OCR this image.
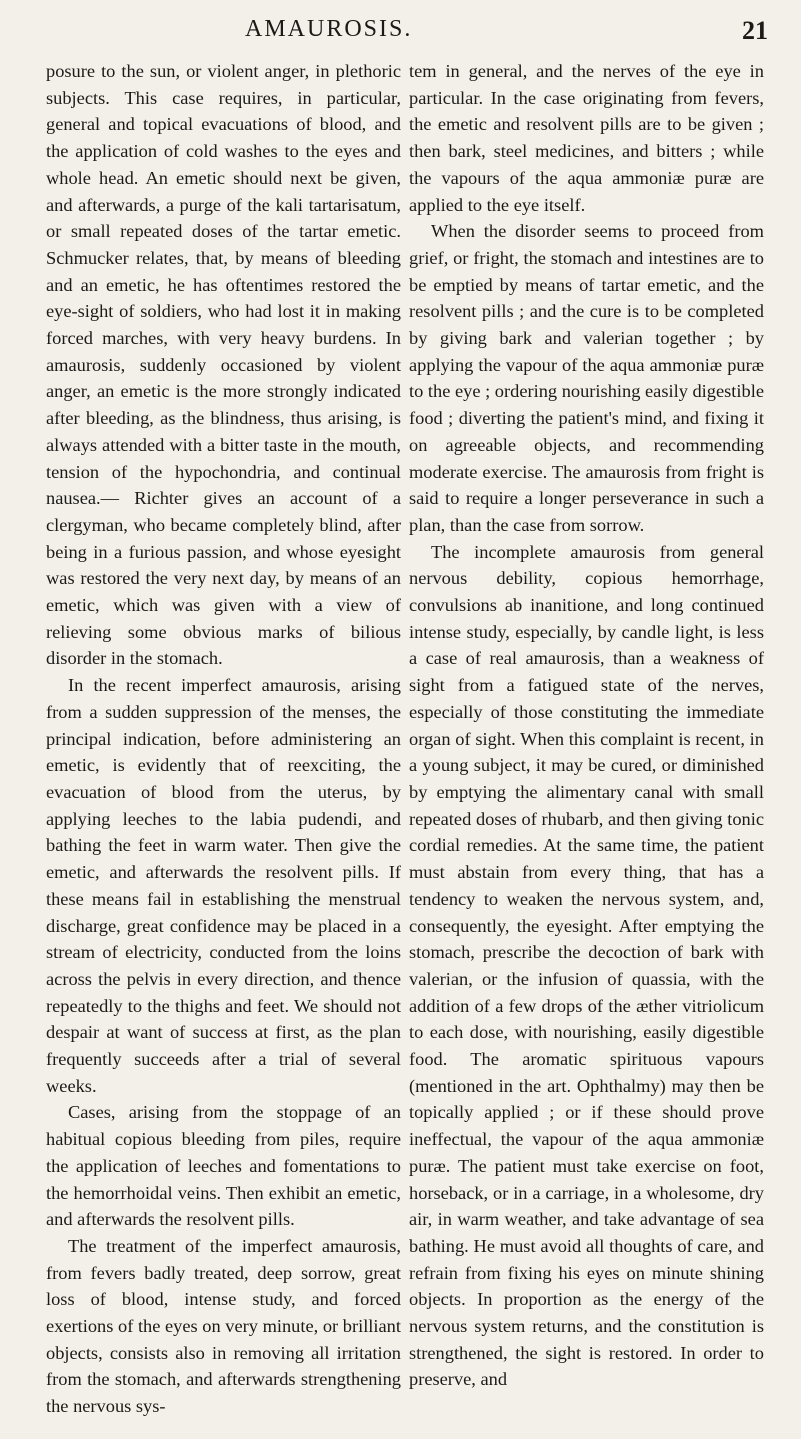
AMAUROSIS.	21

posure to the sun, or violent anger, in plethoric subjects. This case requires, in particular, general and topical evacuations of blood, and the application of cold washes to the eyes and whole head. An emetic should next be given, and afterwards, a purge of the kali tartarisatum, or small repeated doses of the tartar emetic. Schmucker relates, that, by means of bleeding and an emetic, he has oftentimes restored the eye-sight of soldiers, who had lost it in making forced marches, with very heavy burdens. In amaurosis, suddenly occasioned by violent anger, an emetic is the more strongly indicated after bleeding, as the blindness, thus arising, is always attended with a bitter taste in the mouth, tension of the hypochondria, and continual nausea.— Richter gives an account of a clergyman, who became completely blind, after being in a furious passion, and whose eyesight was restored the very next day, by means of an emetic, which was given with a view of relieving some obvious marks of bilious disorder in the stomach.

In the recent imperfect amaurosis, arising from a sudden suppression of the menses, the principal indication, before administering an emetic, is evidently that of reexciting, the evacuation of blood from the uterus, by applying leeches to the labia pudendi, and bathing the feet in warm water. Then give the emetic, and afterwards the resolvent pills. If these means fail in establishing the menstrual discharge, great confidence may be placed in a stream of electricity, conducted from the loins across the pelvis in every direction, and thence repeatedly to the thighs and feet. We should not despair at want of success at first, as the plan frequently succeeds after a trial of several weeks.

Cases, arising from the stoppage of an habitual copious bleeding from piles, require the application of leeches and fomentations to the hemorrhoidal veins. Then exhibit an emetic, and afterwards the resolvent pills.

The treatment of the imperfect amaurosis, from fevers badly treated, deep sorrow, great loss of blood, intense study, and forced exertions of the eyes on very minute, or brilliant objects, consists also in removing all irritation from the stomach, and afterwards strengthening the nervous sys-

tem in general, and the nerves of the eye in particular. In the case originating from fevers, the emetic and resolvent pills are to be given ; then bark, steel medicines, and bitters ; while the vapours of the aqua ammoniæ puræ are applied to the eye itself.

When the disorder seems to proceed from grief, or fright, the stomach and intestines are to be emptied by means of tartar emetic, and the resolvent pills ; and the cure is to be completed by giving bark and valerian together ; by applying the vapour of the aqua ammoniæ puræ to the eye ; ordering nourishing easily digestible food ; diverting the patient's mind, and fixing it on agreeable objects, and recommending moderate exercise. The amaurosis from fright is said to require a longer perseverance in such a plan, than the case from sorrow.

The incomplete amaurosis from general nervous debility, copious hemorrhage, convulsions ab inanitione, and long continued intense study, especially, by candle light, is less a case of real amaurosis, than a weakness of sight from a fatigued state of the nerves, especially of those constituting the immediate organ of sight. When this complaint is recent, in a young subject, it may be cured, or diminished by emptying the alimentary canal with small repeated doses of rhubarb, and then giving tonic cordial remedies. At the same time, the patient must abstain from every thing, that has a tendency to weaken the nervous system, and, consequently, the eyesight. After emptying the stomach, prescribe the decoction of bark with valerian, or the infusion of quassia, with the addition of a few drops of the æther vitriolicum to each dose, with nourishing, easily digestible food. The aromatic spirituous vapours (mentioned in the art. Ophthalmy) may then be topically applied ; or if these should prove ineffectual, the vapour of the aqua ammoniæ puræ. The patient must take exercise on foot, horseback, or in a carriage, in a wholesome, dry air, in warm weather, and take advantage of sea bathing. He must avoid all thoughts of care, and refrain from fixing his eyes on minute shining objects. In proportion as the energy of the nervous system returns, and the constitution is strengthened, the sight is restored. In order to preserve, and
